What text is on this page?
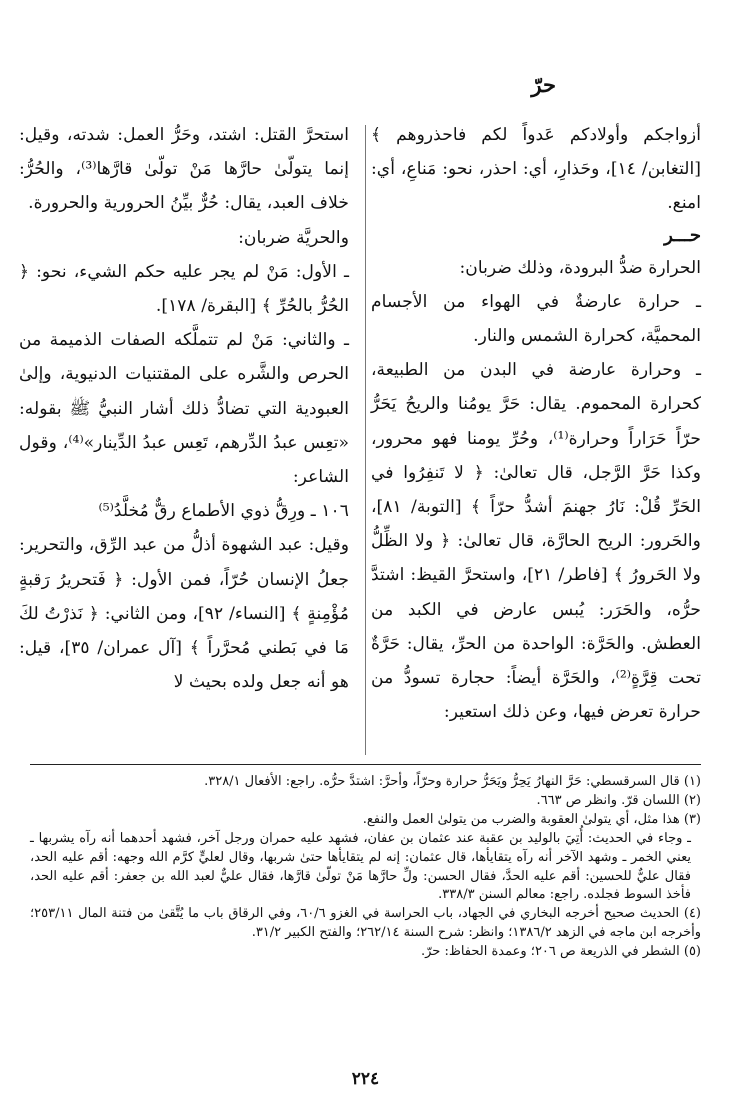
حرّ

أزواجكم وأولادكم عَدواً لكم فاحذروهم ﴾ [التغابن/ ١٤]، وحَذارِ، أي: احذر، نحو: مَناعِ، أي: امنع.

حـــر

الحرارة ضدُّ البرودة، وذلك ضربان:

ـ حرارة عارضةٌ في الهواء من الأجسام المحميَّة، كحرارة الشمس والنار.

ـ وحرارة عارضة في البدن من الطبيعة، كحرارة المحموم. يقال: حَرَّ يومُنا والريحُ يَحَرُّ حرّاً حَرَاراً وحرارة⁽¹⁾، وحُرِّ يومنا فهو محرور، وكذا حَرَّ الرَّجل، قال تعالىٰ: ﴿ لا تَنفِرُوا في الحَرِّ قُلْ: نَارُ جهنمَ أشدُّ حرّاً ﴾ [التوبة/ ٨١]، والحَرور: الريح الحارَّة، قال تعالىٰ: ﴿ ولا الظِّلُّ ولا الحَرورُ ﴾ [فاطر/ ٢١]، واستحرَّ القيظ: اشتدَّ حرُّه، والحَرَر: يُبس عارض في الكبد من العطش. والحَرَّة: الواحدة من الحرِّ، يقال: حَرَّةٌ تحت قِرَّةٍ⁽²⁾، والحَرَّة أيضاً: حجارة تسودُّ من حرارة تعرض فيها، وعن ذلك استعير:

استحرَّ القتل: اشتد، وحَرُّ العمل: شدته، وقيل: إنما يتولّىٰ حارَّها مَنْ تولّىٰ قارَّها⁽³⁾، والحُرُّ: خلاف العبد، يقال: حُرٌّ بيِّنُ الحرورية والحرورة.

والحريَّة ضربان:

ـ الأول: مَنْ لم يجر عليه حكم الشيء، نحو: ﴿ الحُرُّ بالحُرِّ ﴾ [البقرة/ ١٧٨].

ـ والثاني: مَنْ لم تتملَّكه الصفات الذميمة من الحرص والشَّره على المقتنيات الدنيوية، وإلىٰ العبودية التي تضادُّ ذلك أشار النبيُّ ﷺ بقوله: «تعِس عبدُ الدِّرهم، تَعِس عبدُ الدِّينار»⁽⁴⁾، وقول الشاعر:

١٠٦ ـ ورِقُّ ذوي الأطماع رقٌّ مُخلَّدُ⁽⁵⁾

وقيل: عبد الشهوة أذلُّ من عبد الرِّق، والتحرير: جعلُ الإنسان حُرّاً، فمن الأول: ﴿ فَتحريرُ رَقبةٍ مُؤْمِنةٍ ﴾ [النساء/ ٩٢]، ومن الثاني: ﴿ نَذرْتُ لكَ مَا في بَطني مُحرَّراً ﴾ [آل عمران/ ٣٥]، قيل: هو أنه جعل ولده بحيث لا

(١) قال السرقسطي: حَرَّ النهارُ يَحِرُّ ويَحَرُّ حرارة وحرّاً، وأحرَّ: اشتدَّ حرُّه. راجع: الأفعال ٣٢٨/١.

(٢) اللسان قرّ. وانظر ص ٦٦٣.

(٣) هذا مثل، أي يتولىٰ العقوبة والضرب من يتولىٰ العمل والنفع.

ـ وجاء في الحديث: أُتِيَ بالوليد بن عقبة عند عثمان بن عفان، فشهد عليه حمران ورجل آخر، فشهد أحدهما أنه رآه يشربها ـ يعني الخمر ـ وشهد الآخر أنه رآه يتقايأها، قال عثمان: إنه لم يتقايأها حتىٰ شربها، وقال لعليٍّ كرَّم الله وجهه: أقم عليه الحد، فقال عليٌّ للحسين: أقم عليه الحدَّ، فقال الحسن: ولِّ حارَّها مَنْ تولّىٰ قارَّها، فقال عليٌّ لعبد الله بن جعفر: أقم عليه الحد، فأخذ السوط فجلده. راجع: معالم السنن ٣٣٨/٣.

(٤) الحديث صحيح أخرجه البخاري في الجهاد، باب الحراسة في الغزو ٦٠/٦، وفي الرقاق باب ما يُتَّقىٰ من فتنة المال ٢٥٣/١١؛ وأخرجه ابن ماجه في الزهد ١٣٨٦/٢؛ وانظر: شرح السنة ٢٦٢/١٤؛ والفتح الكبير ٣١/٢.

(٥) الشطر في الذريعة ص ٢٠٦؛ وعمدة الحفاظ: حرّ.

٢٢٤
